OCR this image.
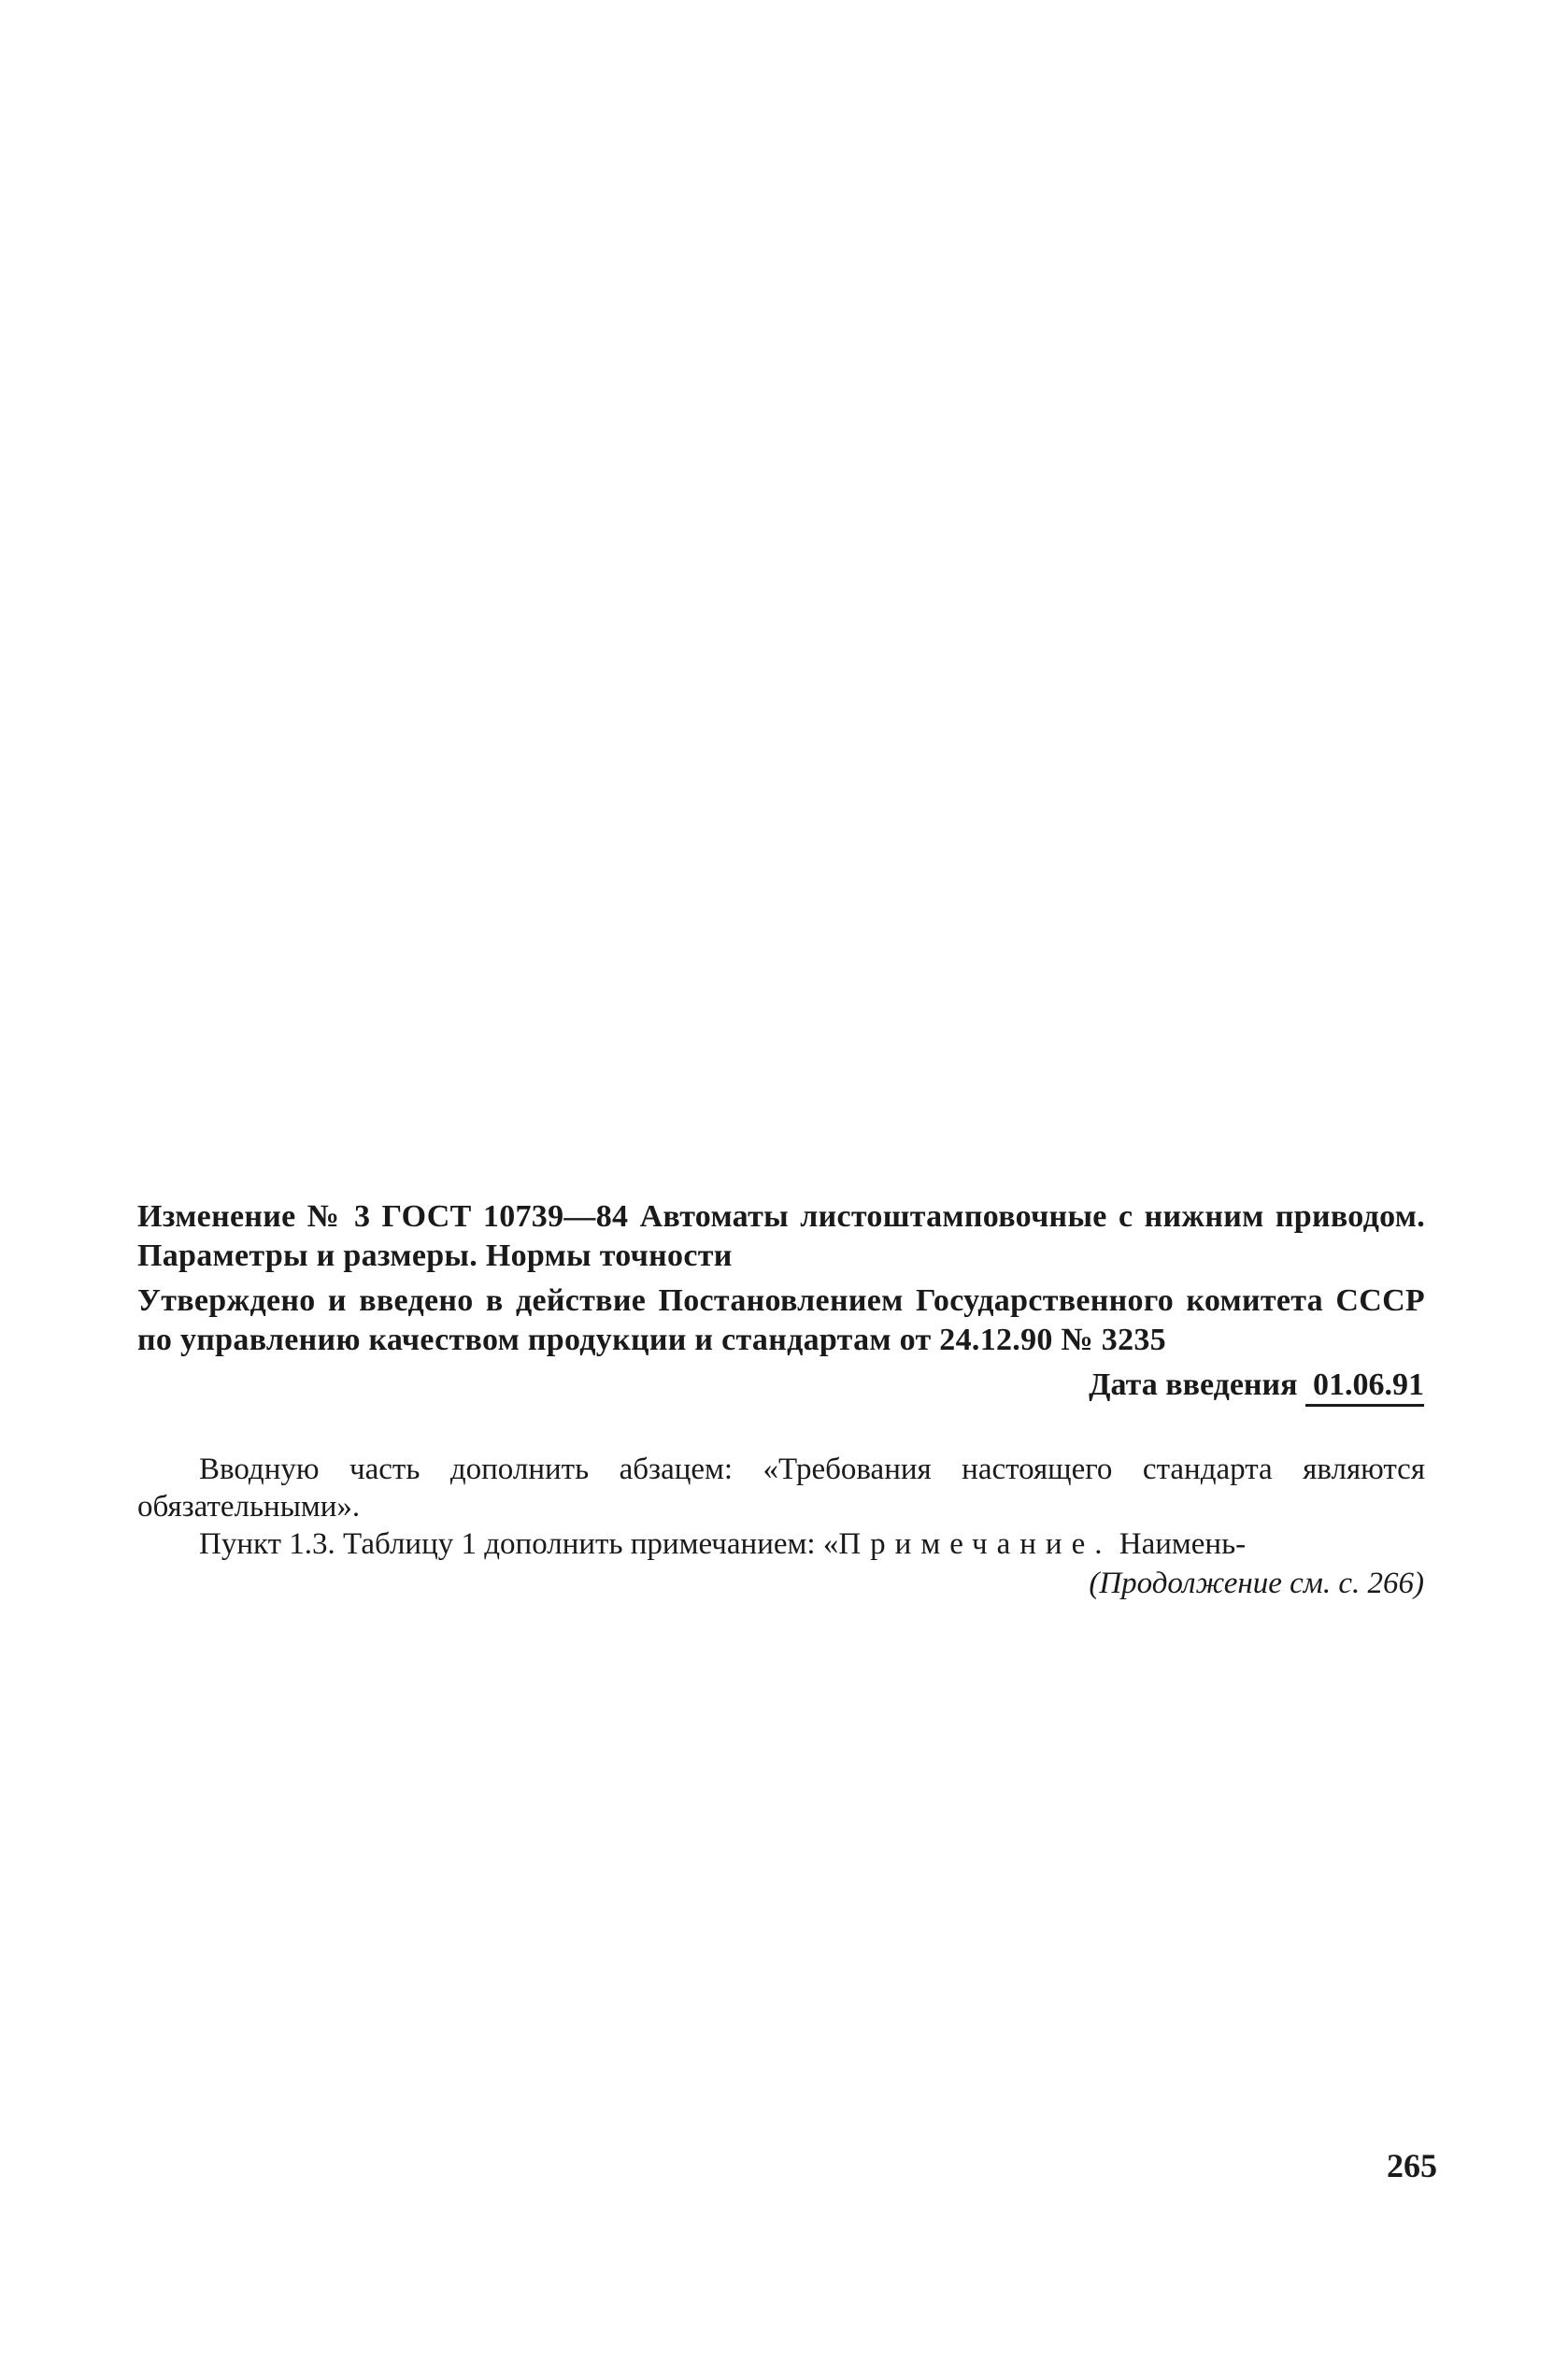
Изменение № 3 ГОСТ 10739—84 Автоматы листоштамповочные с нижним приводом. Параметры и размеры. Нормы точности
Утверждено и введено в действие Постановлением Государственного комитета СССР по управлению качеством продукции и стандартам от 24.12.90 № 3235
Дата введения 01.06.91
Вводную часть дополнить абзацем: «Требования настоящего стандарта являются обязательными».
Пункт 1.3. Таблицу 1 дополнить примечанием: «Примечание. Наимень-
(Продолжение см. с. 266)
265
